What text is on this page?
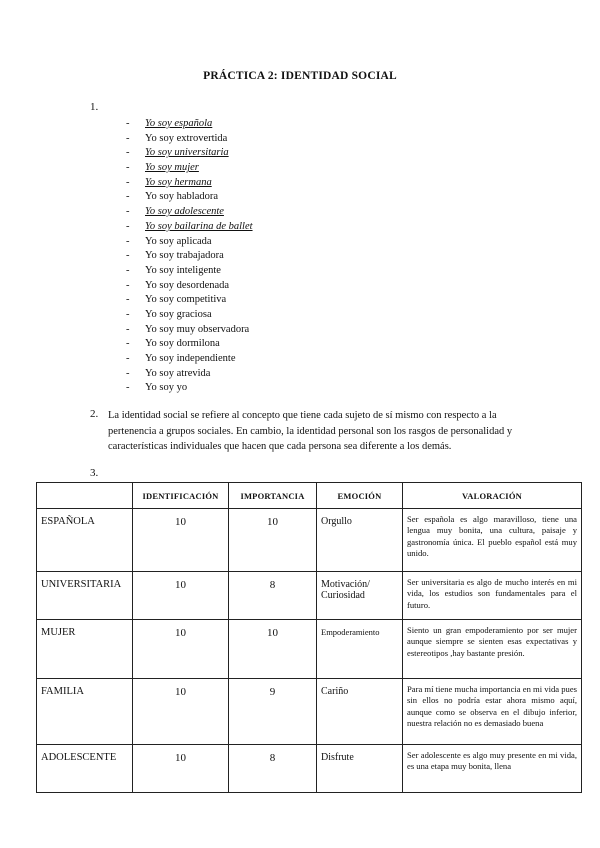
PRÁCTICA 2: IDENTIDAD SOCIAL
1.
- Yo soy española
- Yo soy extrovertida
- Yo soy universitaria
- Yo soy mujer
- Yo soy hermana
- Yo soy habladora
- Yo soy adolescente
- Yo soy bailarina de ballet
- Yo soy aplicada
- Yo soy trabajadora
- Yo soy inteligente
- Yo soy desordenada
- Yo soy competitiva
- Yo soy graciosa
- Yo soy muy observadora
- Yo soy dormilona
- Yo soy independiente
- Yo soy atrevida
- Yo soy yo
2. La identidad social se refiere al concepto que tiene cada sujeto de sí mismo con respecto a la pertenencia a grupos sociales. En cambio, la identidad personal son los rasgos de personalidad y características individuales que hacen que cada persona sea diferente a los demás.

3.
	IDENTIFICACIÓN	IMPORTANCIA	EMOCIÓN	VALORACIÓN
ESPAÑOLA	10	10	Orgullo	Ser española es algo maravilloso, tiene una lengua muy bonita, una cultura, paisaje y gastronomía única. El pueblo español está muy unido.
UNIVERSITARIA	10	8	Motivación/ Curiosidad	Ser universitaria es algo de mucho interés en mi vida, los estudios son fundamentales para el futuro.
MUJER	10	10	Empoderamiento	Siento un gran empoderamiento por ser mujer aunque siempre se sienten esas expectativas y estereotipos ,hay bastante presión.
FAMILIA	10	9	Cariño	Para mí tiene mucha importancia en mi vida pues sin ellos no podría estar ahora mismo aquí, aunque como se observa en el dibujo inferior, nuestra relación no es demasiado buena
ADOLESCENTE	10	8	Disfrute	Ser adolescente es algo muy presente en mi vida, es una etapa muy bonita, llena
